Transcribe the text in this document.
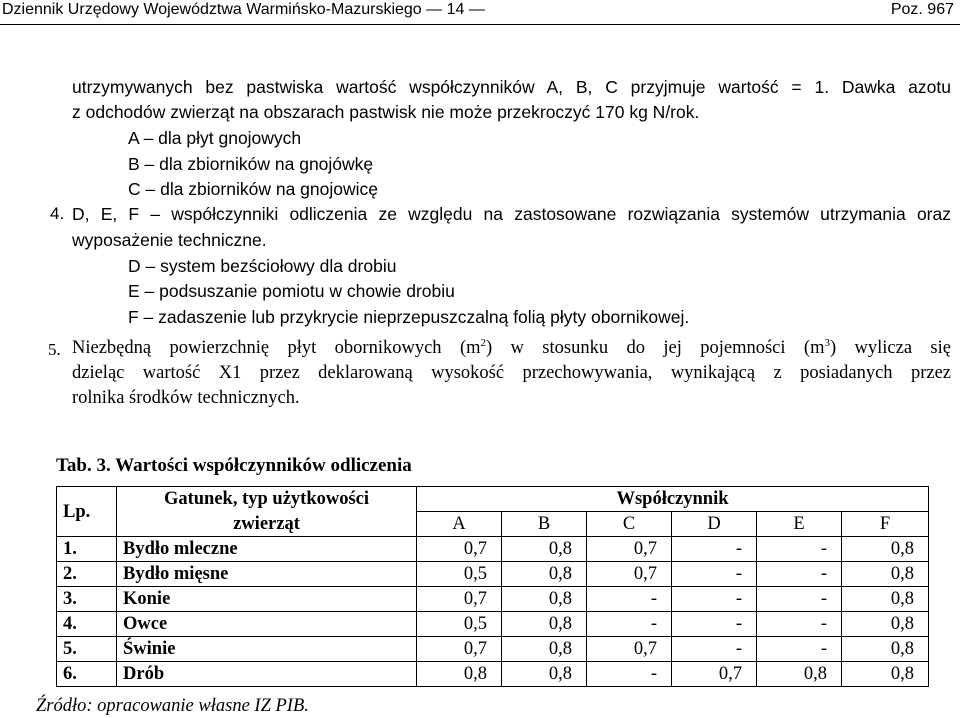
Dziennik Urzędowy Województwa Warmińsko-Mazurskiego — 14 —	Poz. 967
utrzymywanych bez pastwiska wartość współczynników A, B, C przyjmuje wartość = 1. Dawka azotu
z odchodów zwierząt na obszarach pastwisk nie może przekroczyć 170 kg N/rok.
A – dla płyt gnojowych
B – dla zbiorników na gnojówkę
C – dla zbiorników na gnojowicę
4. D, E, F – współczynniki odliczenia ze względu na zastosowane rozwiązania systemów utrzymania oraz
wyposażenie techniczne.
D – system bezściołowy dla drobiu
E – podsuszanie pomiotu w chowie drobiu
F – zadaszenie lub przykrycie nieprzepuszczalną folią płyty obornikowej.
5. Niezbędną powierzchnię płyt obornikowych $(m^2)$ w stosunku do jej pojemności $(m^3)$ wylicza się
dzieląc wartość X1 przez deklarowaną wysokość przechowywania, wynikającą z posiadanych przez
rolnika środków technicznych.
Tab. 3. Wartości współczynników odliczenia
Lp.	Gatunek, typ użytkowości	Współczynnik					
	zwierząt	A	B	C	D	E	F
1.	Bydło mleczne	0,7	0,8	0,7	-	-	0,8
2.	Bydło mięsne	0,5	0,8	0,7	-	-	0,8
3.	Konie	0,7	0,8	-	-	-	0,8
4.	Owce	0,5	0,8	-	-	-	0,8
5.	Świnie	0,7	0,8	0,7	-	-	0,8
6.	Drób	0,8	0,8	-	0,7	0,8	0,8
Źródło: opracowanie własne IZ PIB.
